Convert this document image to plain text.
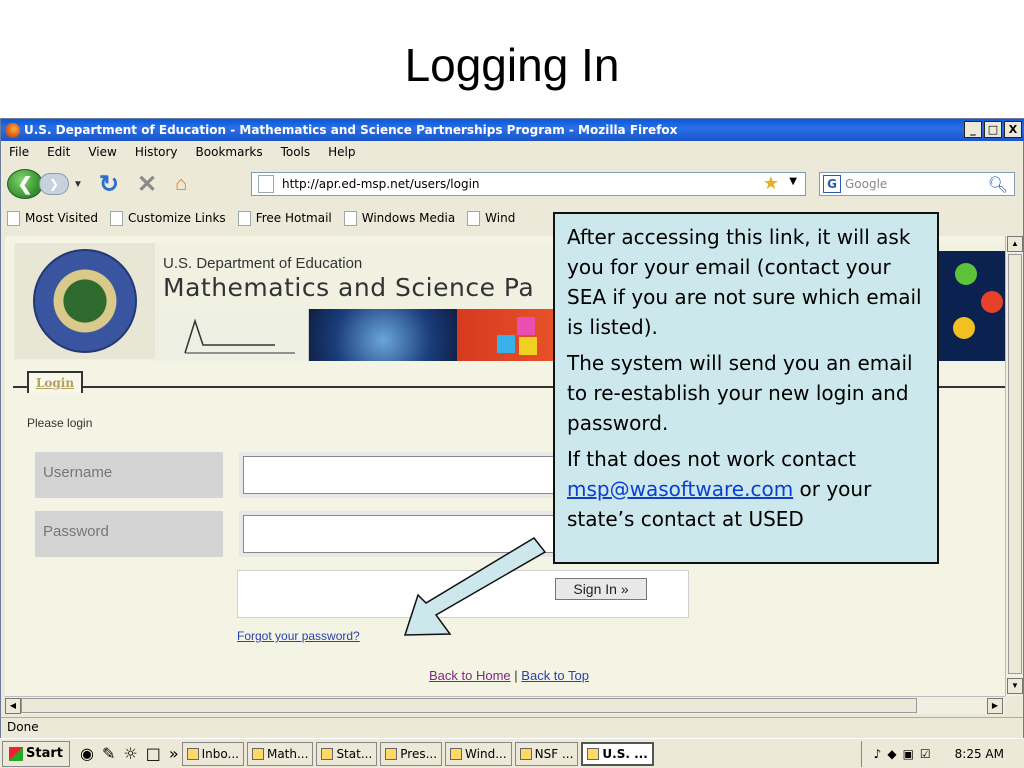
Logging In
U.S. Department of Education - Mathematics and Science Partnerships Program - Mozilla Firefox	_	□ X
File Edit View History Bookmarks Tools Help
❮	❯	▼ ↻ ✕ ⌂	http://apr.ed-msp.net/users/login	★ ▼	G Google	🔍︎
Most Visited	Customize Links	Free Hotmail	Windows Media	Wind
U.S. Department of Education
Mathematics and Science Pa
Login
Please login
Username
Password
▲
▼
◀	▶
Done
Sign In »
Forgot your password?
Back to Home | Back to Top
Start ◉ ✎ ☼ □ » Inbo... Math... Stat... Pres... Wind... NSF ... U.S. ...	♪ ◆ ▣ ☑ 8:25 AM

After accessing this link, it will ask you for your email (contact your SEA if you are not sure which email is listed).

The system will send you an email to re-establish your new login and password.

If that does not work contact msp@wasoftware.com or your state’s contact at USED
